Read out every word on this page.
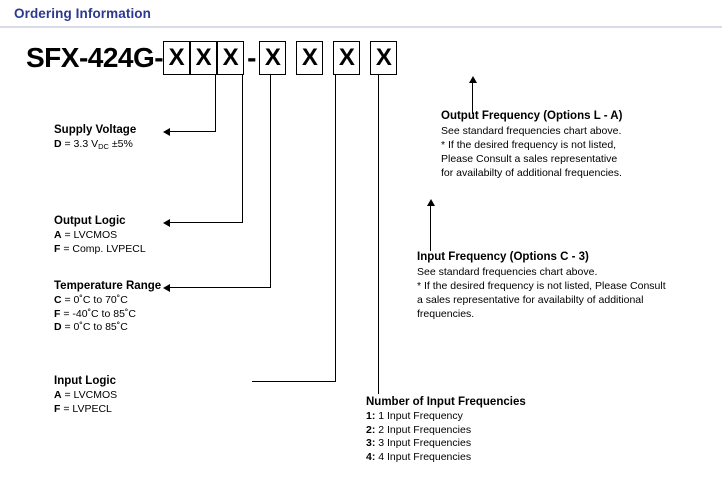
Ordering Information
SFX-424G- X X X - X X X X
Supply Voltage
D = 3.3 $V_{DC} \pm 5\%$
Output Logic
A = LVCMOS
F = Comp. LVPECL
Temperature Range
C = 0˚C to 70˚C
F = -40˚C to 85˚C
D = 0˚C to 85˚C
Input Logic
A = LVCMOS
F = LVPECL
Number of Input Frequencies
1: 1 Input Frequency
2: 2 Input Frequencies
3: 3 Input Frequencies
4: 4 Input Frequencies
Input Frequency (Options C - 3)
See standard frequencies chart above.
* If the desired frequency is not listed, Please Consult
a sales representative for availabilty of additional
frequencies.
Output Frequency (Options L - A)
See standard frequencies chart above.
* If the desired frequency is not listed,
Please Consult a sales representative
for availabilty of additional frequencies.
